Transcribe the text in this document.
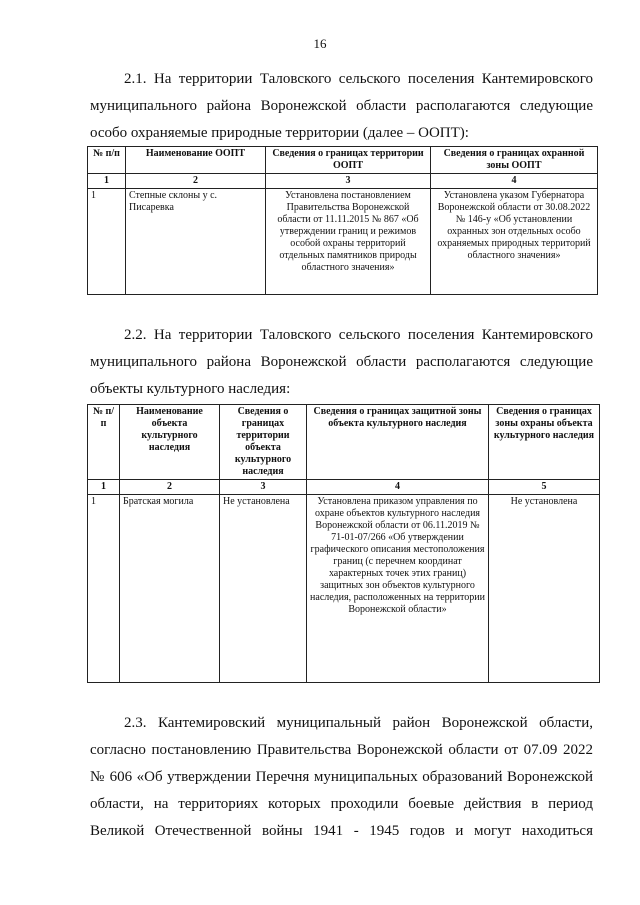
16
2.1. На территории Таловского сельского поселения Кантемировского
муниципального района Воронежской области располагаются следующие
особо охраняемые природные территории (далее – ООПТ):
№ п/п	Наименование ООПТ	Сведения о границах территории ООПТ	Сведения о границах охранной зоны ООПТ
1	2	3	4
1	Степные склоны у с. Писаревка	Установлена постановлением Правительства Воронежской области от 11.11.2015 № 867 «Об утверждении границ и режимов особой охраны территорий отдельных памятников природы областного значения»	Установлена указом Губернатора Воронежской области от 30.08.2022 № 146-у «Об установлении охранных зон отдельных особо охраняемых природных территорий областного значения»
2.2. На территории Таловского сельского поселения Кантемировского
муниципального района Воронежской области располагаются следующие
объекты культурного наследия:
№ п/п	Наименование объекта культурного наследия	Сведения о границах территории объекта культурного наследия	Сведения о границах защитной зоны объекта культурного наследия	Сведения о границах зоны охраны объекта культурного наследия
1	2	3	4	5
1	Братская могила	Не установлена	Установлена приказом управления по охране объектов культурного наследия Воронежской области от 06.11.2019 № 71-01-07/266 «Об утверждении графического описания местоположения границ (с перечнем координат характерных точек этих границ) защитных зон объектов культурного наследия, расположенных на территории Воронежской области»	Не установлена
2.3. Кантемировский муниципальный район Воронежской области,
согласно постановлению Правительства Воронежской области от 07.09 2022
№ 606 «Об утверждении Перечня муниципальных образований Воронежской
области, на территориях которых проходили боевые действия в период
Великой Отечественной войны 1941 - 1945 годов и могут находиться
